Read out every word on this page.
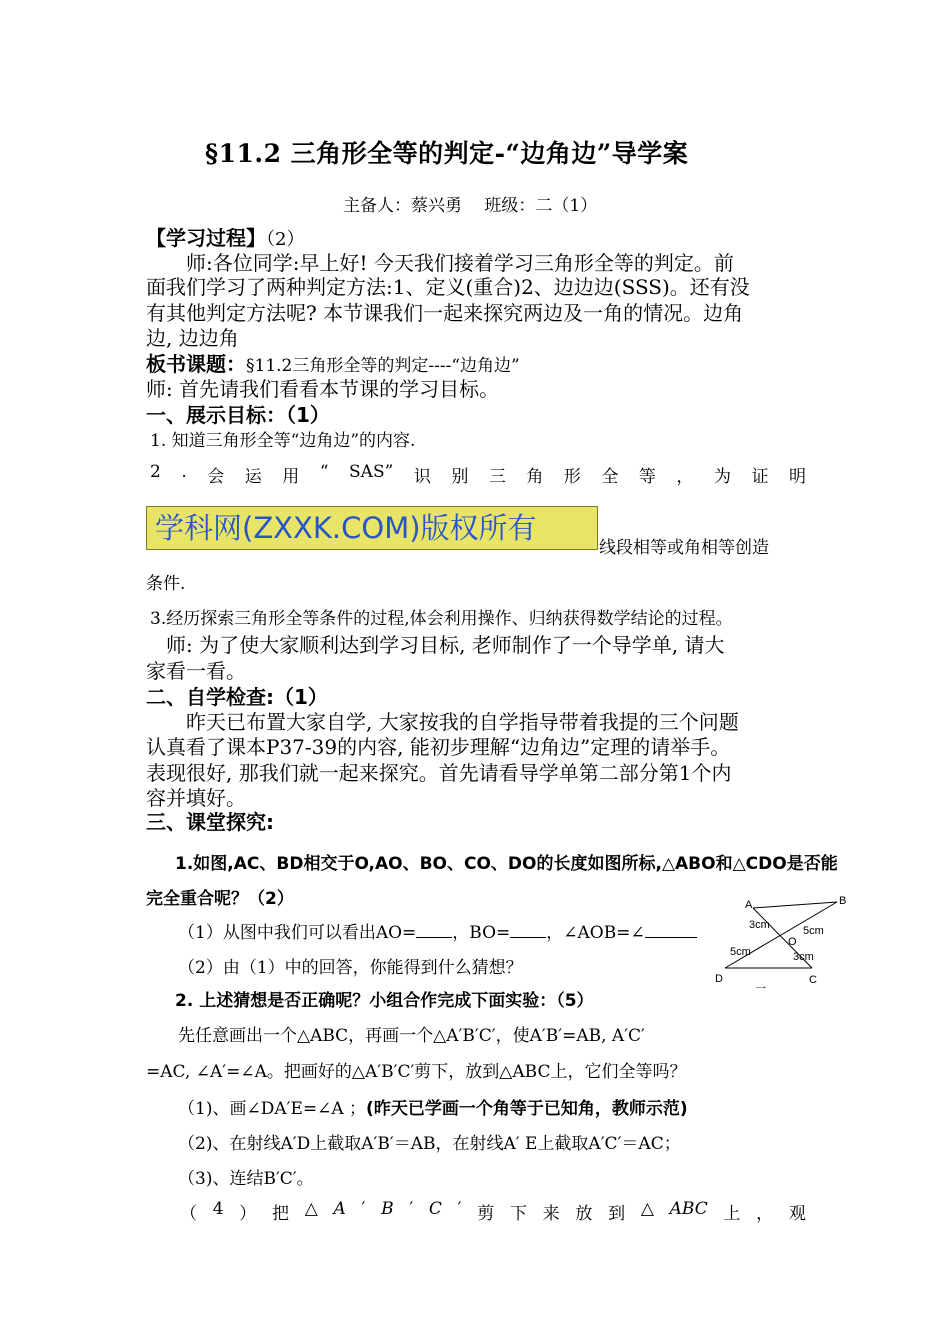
§11.2 三角形全等的判定-“边角边”导学案
主备人：蔡兴勇　 班级：二（1）
【学习过程】（2）
　　师:各位同学:早上好! 今天我们接着学习三角形全等的判定。前
面我们学习了两种判定方法:1、定义(重合)2、边边边(SSS)。还有没
有其他判定方法呢? 本节课我们一起来探究两边及一角的情况。边角
边, 边边角
板书课题：§11.2三角形全等的判定----“边角边”
师: 首先请我们看看本节课的学习目标。
一、展示目标：（1）
1. 知道三角形全等“边角边”的内容.
2 . 会 运 用 “ SAS” 识 别 三 角 形 全 等 ， 为 证 明
学科网(ZXXK.COM)版权所有
线段相等或角相等创造
条件.
3.经历探索三角形全等条件的过程,体会利用操作、归纳获得数学结论的过程。
　师: 为了使大家顺利达到学习目标, 老师制作了一个导学单, 请大
家看一看。
二、自学检查:（1）
　　昨天已布置大家自学, 大家按我的自学指导带着我提的三个问题
认真看了课本P37-39的内容, 能初步理解“边角边”定理的请举手。
表现很好, 那我们就一起来探究。首先请看导学单第二部分第1个内
容并填好。
三、课堂探究:
1.如图,AC、BD相交于O,AO、BO、CO、DO的长度如图所标,△ABO和△CDO是否能
完全重合呢？（2）
（1）从图中我们可以看出AO= ，BO= ，∠AOB=∠
（2）由（1）中的回答，你能得到什么猜想？
A	B
C
D
O
3cm	5cm
5cm	3cm
一
2. 上述猜想是否正确呢？小组合作完成下面实验：（5）
先任意画出一个△ABC，再画一个△A′B′C′，使A′B′=AB, A′C′
=AC, ∠A′=∠A。把画好的△A′B′C′剪下，放到△ABC上，它们全等吗？
（1)、画∠DA′E=∠A ；(昨天已学画一个角等于已知角，教师示范)
（2)、在射线A′D上截取A′B′＝AB，在射线A′ E上截取A′C′＝AC；
（3)、连结B′C′。
（ 4 ） 把 △ A ′ B ′ C ′ 剪 下 来 放 到 △ ABC 上 ， 观
